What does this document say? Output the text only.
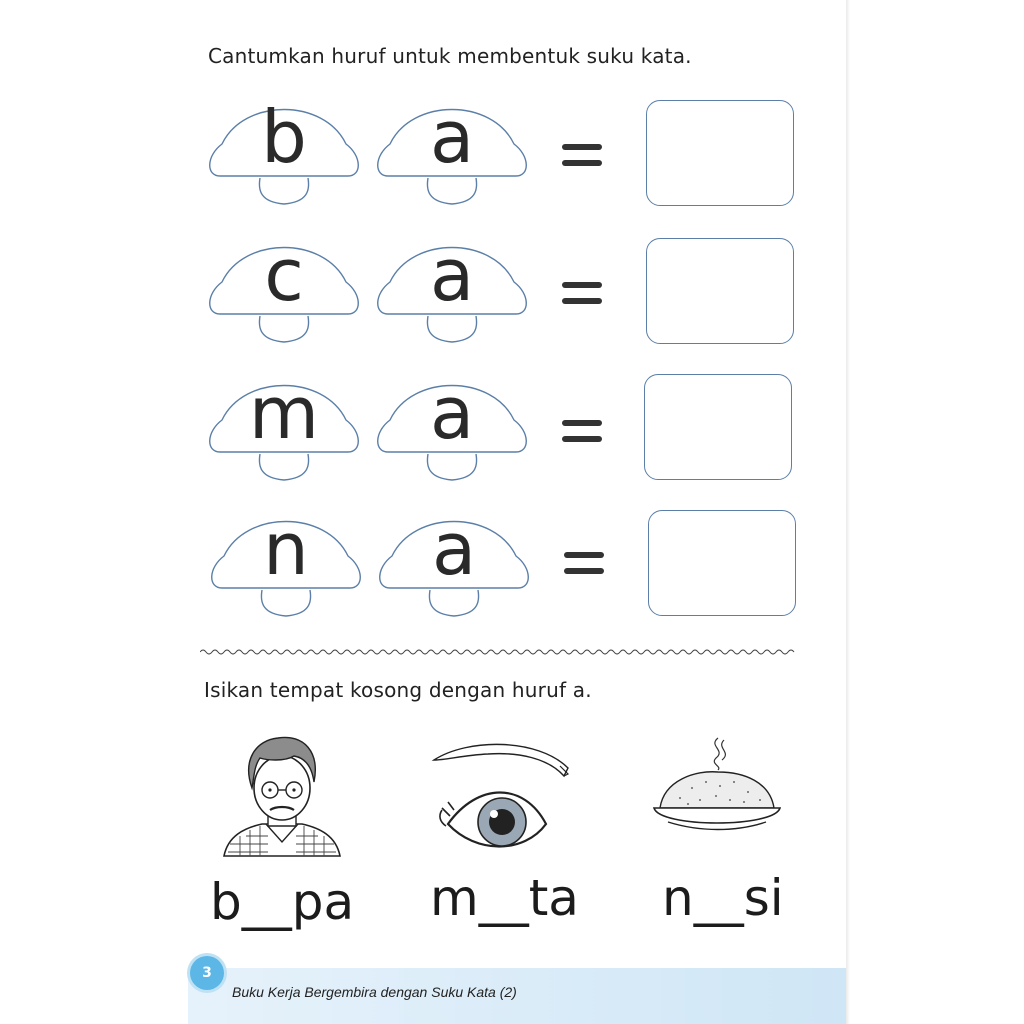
Cantumkan huruf untuk membentuk suku kata.
b	a
c	a
m	a
n	a
Isikan tempat kosong dengan huruf a.
b__pa m__ta n__si
3
Buku Kerja Bergembira dengan Suku Kata (2)
